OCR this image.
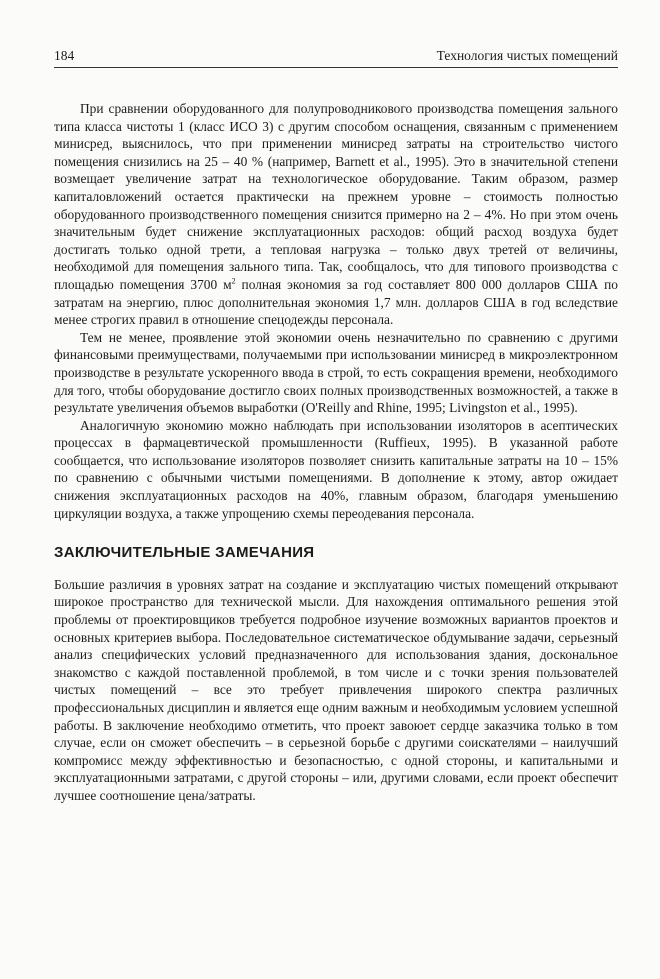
184	Технология чистых помещений

При сравнении оборудованного для полупроводникового производства помещения зального типа класса чистоты 1 (класс ИСО 3) с другим способом оснащения, связанным с применением минисред, выяснилось, что при применении минисред затраты на строительство чистого помещения снизились на 25 – 40 % (например, Barnett et al., 1995). Это в значительной степени возмещает увеличение затрат на технологическое оборудование. Таким образом, размер капиталовложений остается практически на прежнем уровне – стоимость полностью оборудованного производственного помещения снизится примерно на 2 – 4%. Но при этом очень значительным будет снижение эксплуатационных расходов: общий расход воздуха будет достигать только одной трети, а тепловая нагрузка – только двух третей от величины, необходимой для помещения зального типа. Так, сообщалось, что для типового производства с площадью помещения 3700 $м^2$ полная экономия за год составляет 800 000 долларов США по затратам на энергию, плюс дополнительная экономия 1,7 млн. долларов США в год вследствие менее строгих правил в отношение спецодежды персонала.

Тем не менее, проявление этой экономии очень незначительно по сравнению с другими финансовыми преимуществами, получаемыми при использовании минисред в микроэлектронном производстве в результате ускоренного ввода в строй, то есть сокращения времени, необходимого для того, чтобы оборудование достигло своих полных производственных возможностей, а также в результате увеличения объемов выработки (O'Reilly and Rhine, 1995; Livingston et al., 1995).

Аналогичную экономию можно наблюдать при использовании изоляторов в асептических процессах в фармацевтической промышленности (Ruffieux, 1995). В указанной работе сообщается, что использование изоляторов позволяет снизить капитальные затраты на 10 – 15% по сравнению с обычными чистыми помещениями. В дополнение к этому, автор ожидает снижения эксплуатационных расходов на 40%, главным образом, благодаря уменьшению циркуляции воздуха, а также упрощению схемы переодевания персонала.

ЗАКЛЮЧИТЕЛЬНЫЕ ЗАМЕЧАНИЯ

Большие различия в уровнях затрат на создание и эксплуатацию чистых помещений открывают широкое пространство для технической мысли. Для нахождения оптимального решения этой проблемы от проектировщиков требуется подробное изучение возможных вариантов проектов и основных критериев выбора. Последовательное систематическое обдумывание задачи, серьезный анализ специфических условий предназначенного для использования здания, доскональное знакомство с каждой поставленной проблемой, в том числе и с точки зрения пользователей чистых помещений – все это требует привлечения широкого спектра различных профессиональных дисциплин и является еще одним важным и необходимым условием успешной работы. В заключение необходимо отметить, что проект завоюет сердце заказчика только в том случае, если он сможет обеспечить – в серьезной борьбе с другими соискателями – наилучший компромисс между эффективностью и безопасностью, с одной стороны, и капитальными и эксплуатационными затратами, с другой стороны – или, другими словами, если проект обеспечит лучшее соотношение цена/затраты.
